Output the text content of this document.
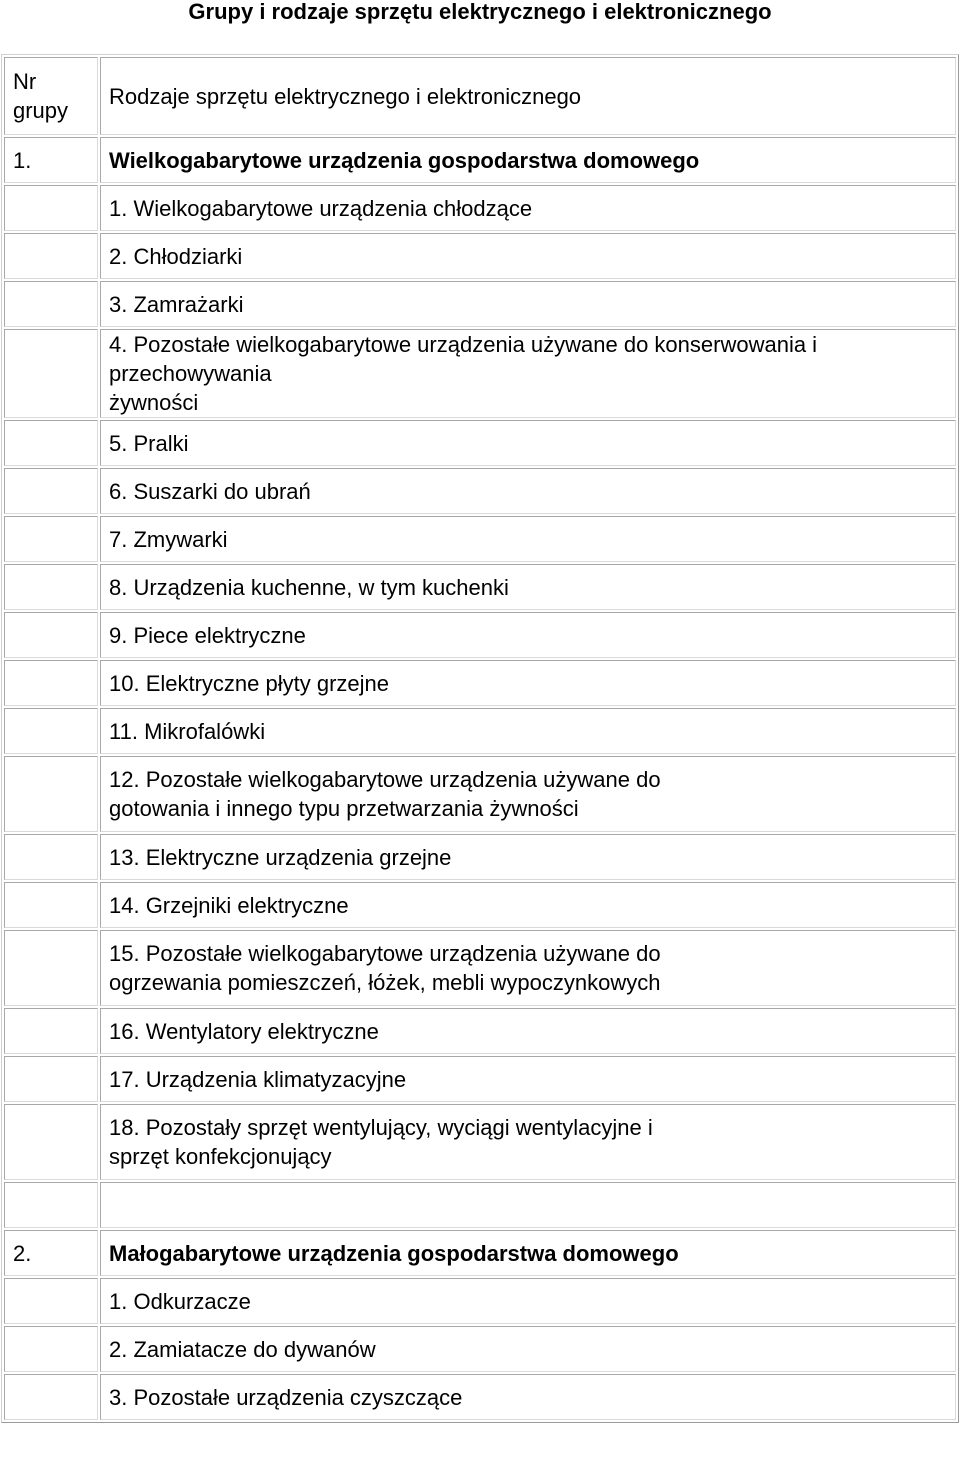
Grupy i rodzaje sprzętu elektrycznego i elektronicznego
Nr
grupy	Rodzaje sprzętu elektrycznego i elektronicznego
1.	Wielkogabarytowe urządzenia gospodarstwa domowego
	1. Wielkogabarytowe urządzenia chłodzące
	2. Chłodziarki
	3. Zamrażarki
	4. Pozostałe wielkogabarytowe urządzenia używane do konserwowania i przechowywania
żywności
	5. Pralki
	6. Suszarki do ubrań
	7. Zmywarki
	8. Urządzenia kuchenne, w tym kuchenki
	9. Piece elektryczne
	10. Elektryczne płyty grzejne
	11. Mikrofalówki
	12. Pozostałe wielkogabarytowe urządzenia używane do
gotowania i innego typu przetwarzania żywności
	13. Elektryczne urządzenia grzejne
	14. Grzejniki elektryczne
	15. Pozostałe wielkogabarytowe urządzenia używane do
ogrzewania pomieszczeń, łóżek, mebli wypoczynkowych
	16. Wentylatory elektryczne
	17. Urządzenia klimatyzacyjne
	18. Pozostały sprzęt wentylujący, wyciągi wentylacyjne i
sprzęt konfekcjonujący

2.	Małogabarytowe urządzenia gospodarstwa domowego
	1. Odkurzacze
	2. Zamiatacze do dywanów
	3. Pozostałe urządzenia czyszczące
